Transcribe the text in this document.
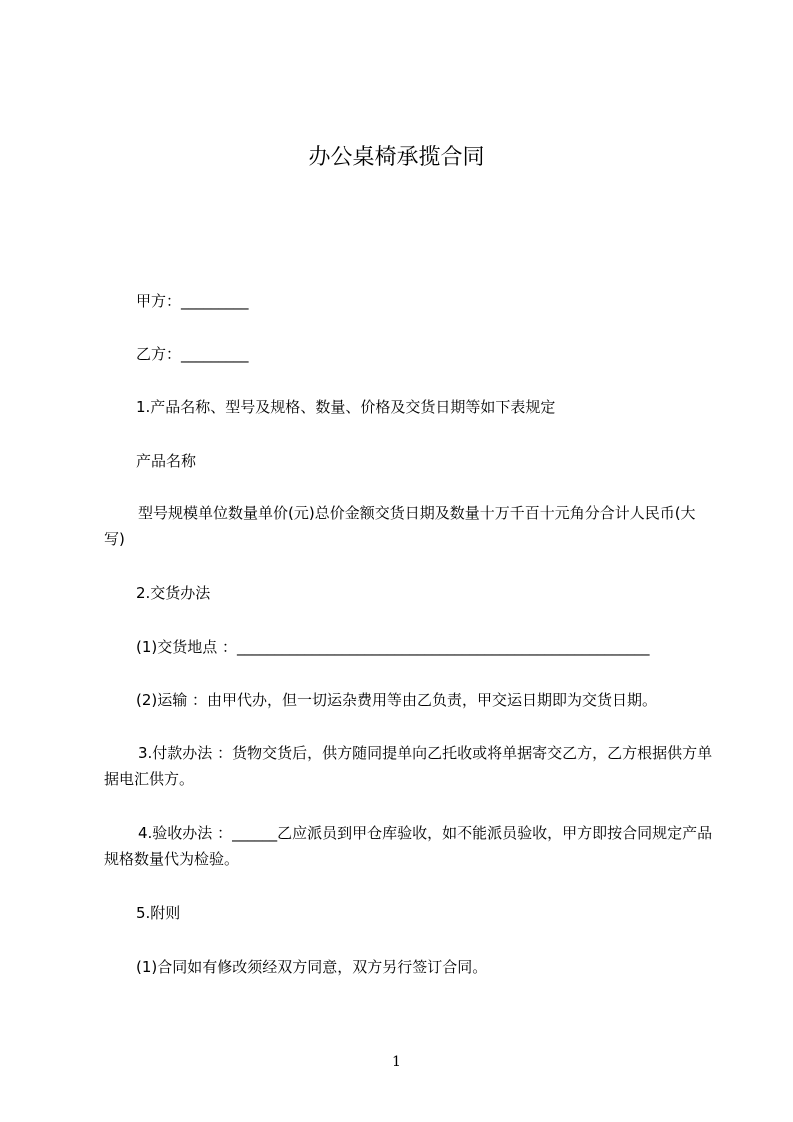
办公桌椅承揽合同
甲方：_________
乙方：_________
1.产品名称、型号及规格、数量、价格及交货日期等如下表规定
产品名称
型号规模单位数量单价(元)总价金额交货日期及数量十万千百十元角分合计人民币(大写)
2.交货办法
(1)交货地点 ：_______________________________________________________
(2)运输 ：由甲代办，但一切运杂费用等由乙负责，甲交运日期即为交货日期。
3.付款办法 ：货物交货后，供方随同提单向乙托收或将单据寄交乙方，乙方根据供方单据电汇供方。
4.验收办法 ：______乙应派员到甲仓库验收，如不能派员验收，甲方即按合同规定产品规格数量代为检验。
5.附则
(1)合同如有修改须经双方同意，双方另行签订合同。
1
